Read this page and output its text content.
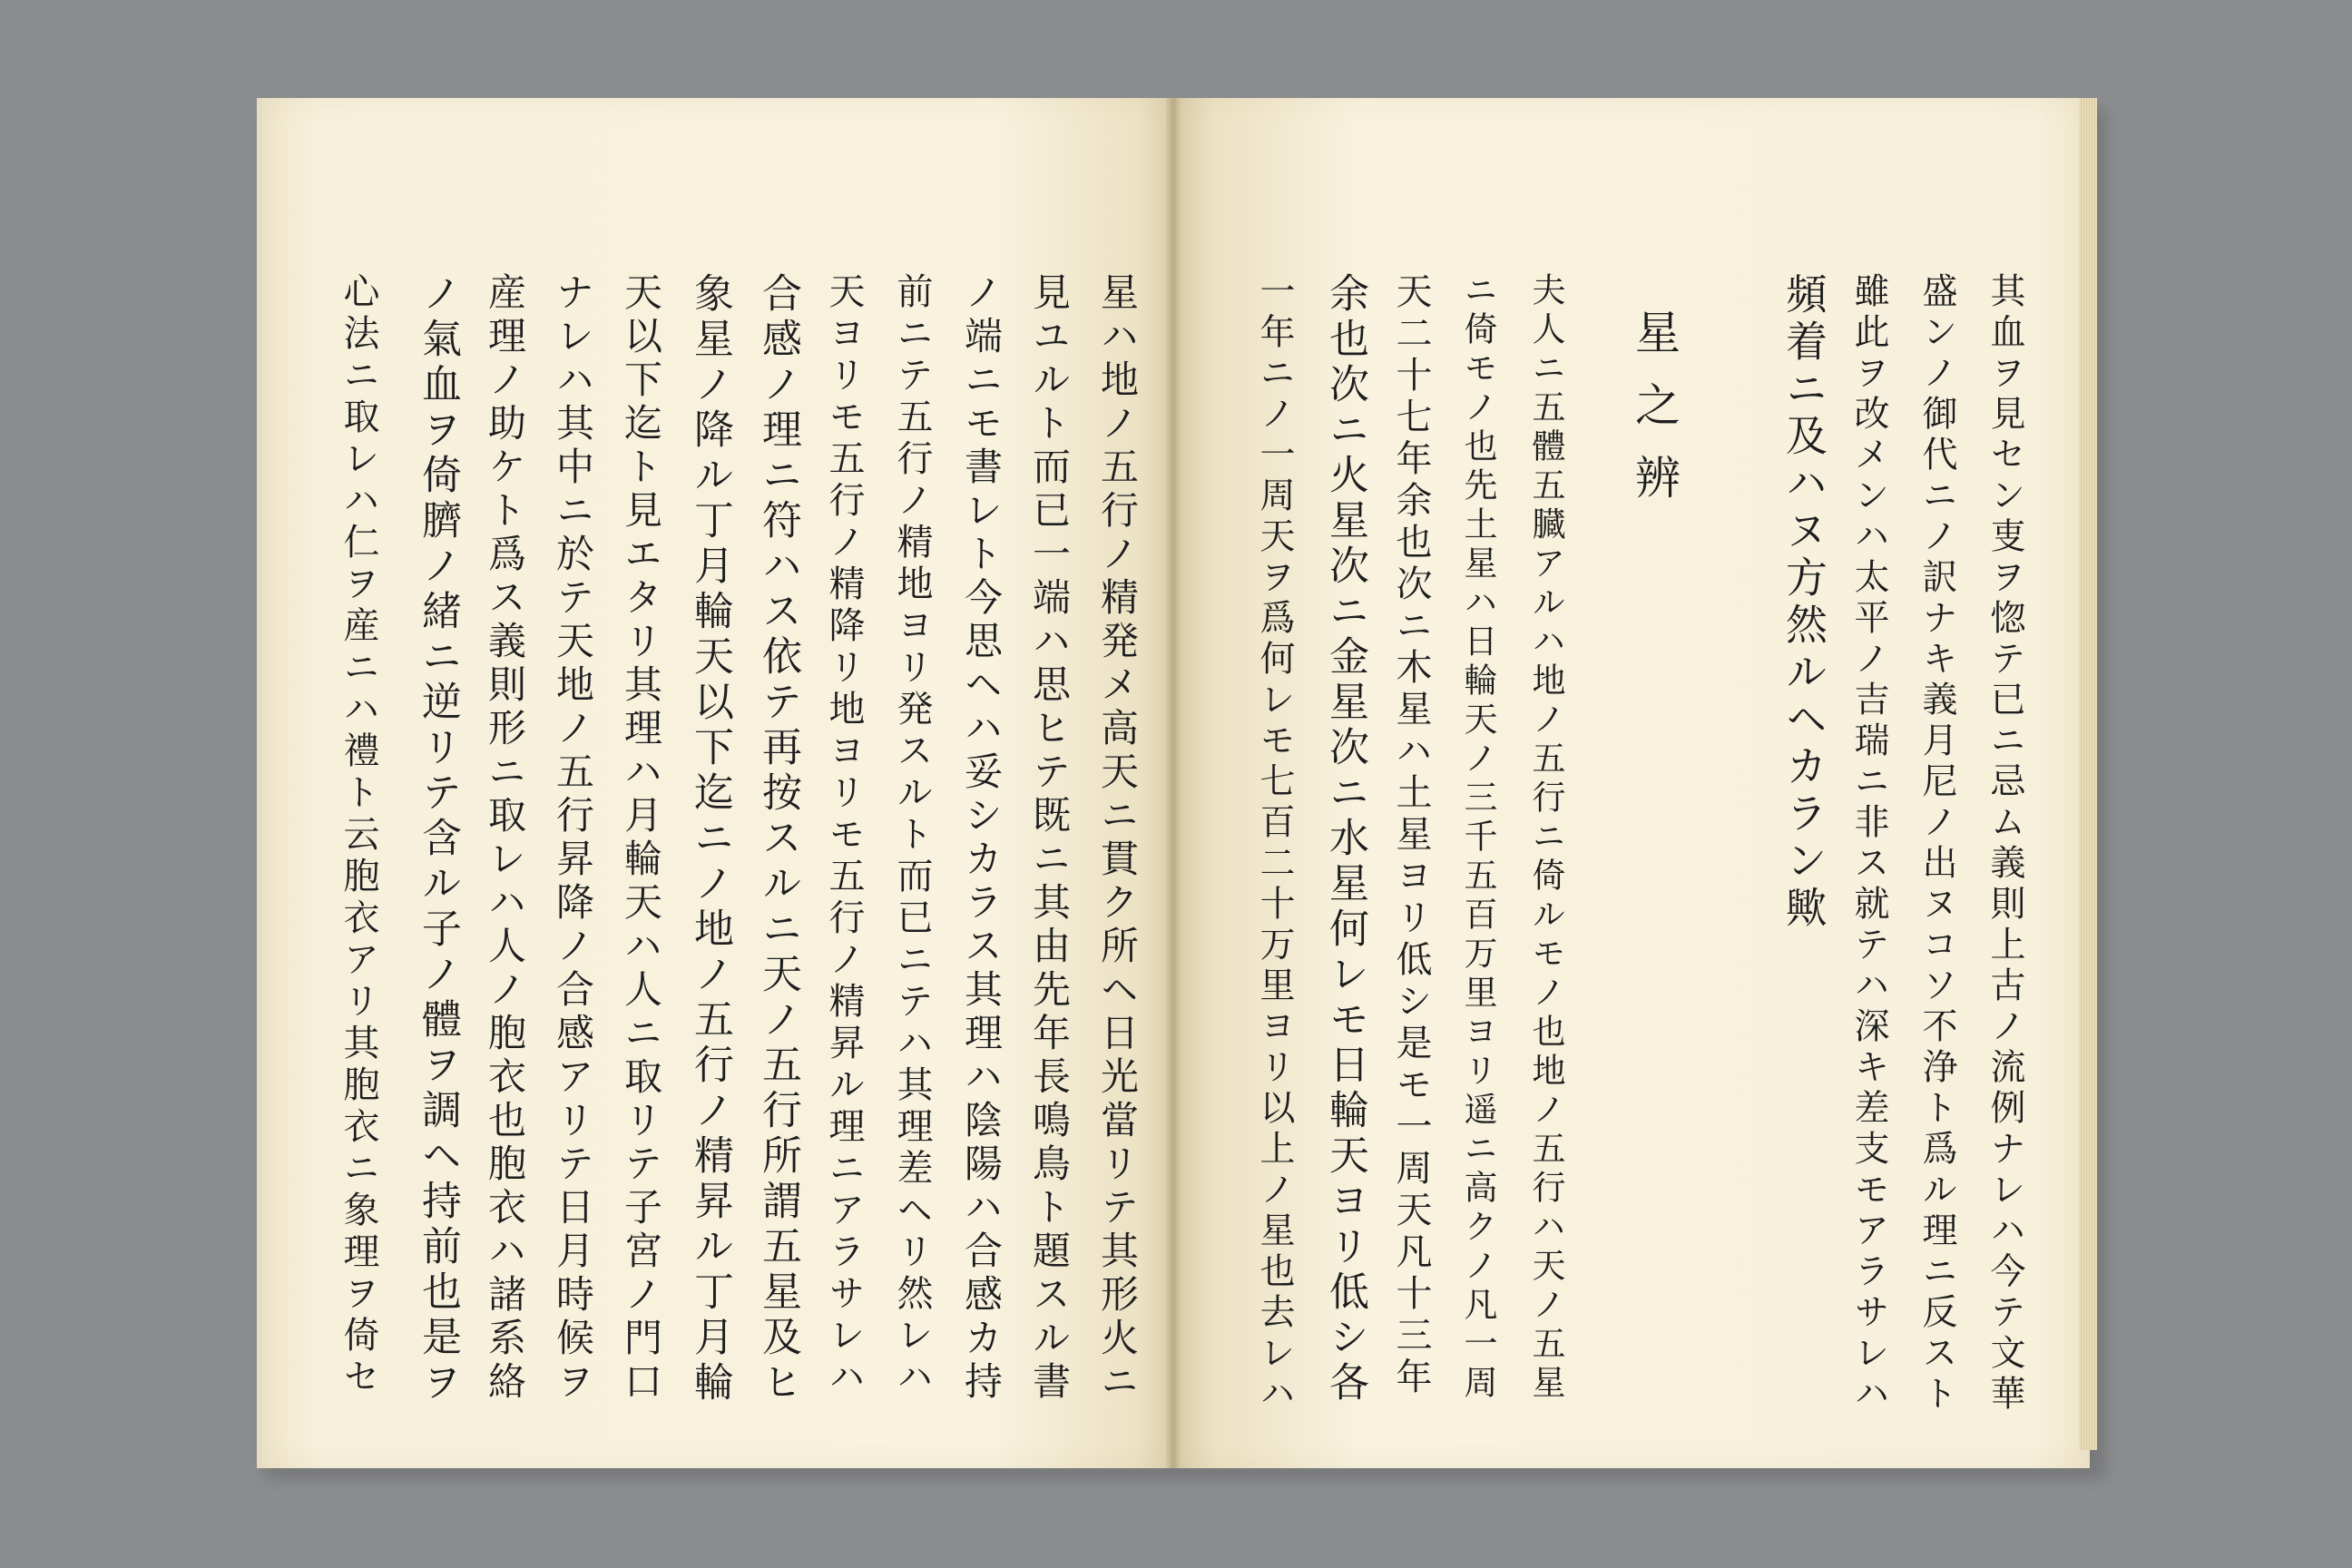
星ハ地ノ五行ノ精発メ高天ニ貫ク所ヘ日光當リテ其形火ニ
見ユルト而已一端ハ思ヒテ既ニ其由先年長鳴鳥ト題スル書
ノ端ニモ書レト今思ヘハ妥シカラス其理ハ陰陽ハ合感カ持
前ニテ五行ノ精地ヨリ発スルト而已ニテハ其理差ヘリ然レハ
天ヨリモ五行ノ精降リ地ヨリモ五行ノ精昇ル理ニアラサレハ
合感ノ理ニ符ハス依テ再按スルニ天ノ五行所謂五星及ヒ
象星ノ降ル丁月輪天以下迄ニノ地ノ五行ノ精昇ル丁月輪
天以下迄ト見エタリ其理ハ月輪天ハ人ニ取リテ子宮ノ門口
ナレハ其中ニ於テ天地ノ五行昇降ノ合感アリテ日月時候ヲ
産理ノ助ケト爲ス義則形ニ取レハ人ノ胞衣也胞衣ハ諸系絡
ノ氣血ヲ倚臍ノ緒ニ逆リテ含ル子ノ體ヲ調ヘ持前也是ヲ
心法ニ取レハ仁ヲ産ニハ禮ト云胞衣アリ其胞衣ニ象理ヲ倚セ	其血ヲ見セン叓ヲ惚テ已ニ忌ム義則上古ノ流例ナレハ今テ文華
盛ンノ御代ニノ訳ナキ義月尼ノ出ヌコソ不浄ト爲ル理ニ反スト
雖此ヲ改メンハ太平ノ吉瑞ニ非ス就テハ深キ差支モアラサレハ
頻着ニ及ハヌ方然ルヘカラン歟
星之辨
夫人ニ五體五臓アルハ地ノ五行ニ倚ルモノ也地ノ五行ハ天ノ五星
ニ倚モノ也先土星ハ日輪天ノ三千五百万里ヨリ遥ニ高クノ凡一周
天二十七年余也次ニ木星ハ土星ヨリ低シ是モ一周天凡十三年
余也次ニ火星次ニ金星次ニ水星何レモ日輪天ヨリ低シ各
一年ニノ一周天ヲ爲何レモ七百二十万里ヨリ以上ノ星也去レハ
